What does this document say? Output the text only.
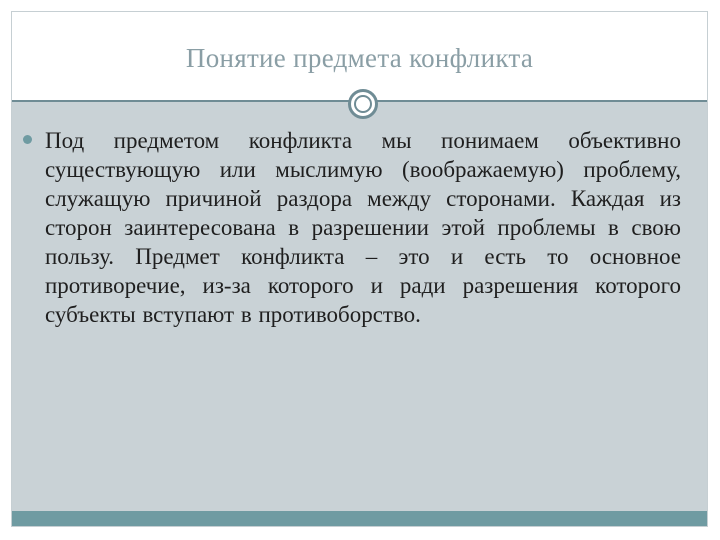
Понятие предмета конфликта

Под предметом конфликта мы понимаем объективно существующую или мыслимую (воображаемую) проблему, служащую причиной раздора между сторонами. Каждая из сторон заинтересована в разрешении этой проблемы в свою пользу. Предмет конфликта – это и есть то основное противоречие, из-за которого и ради разрешения которого субъекты вступают в противоборство.
